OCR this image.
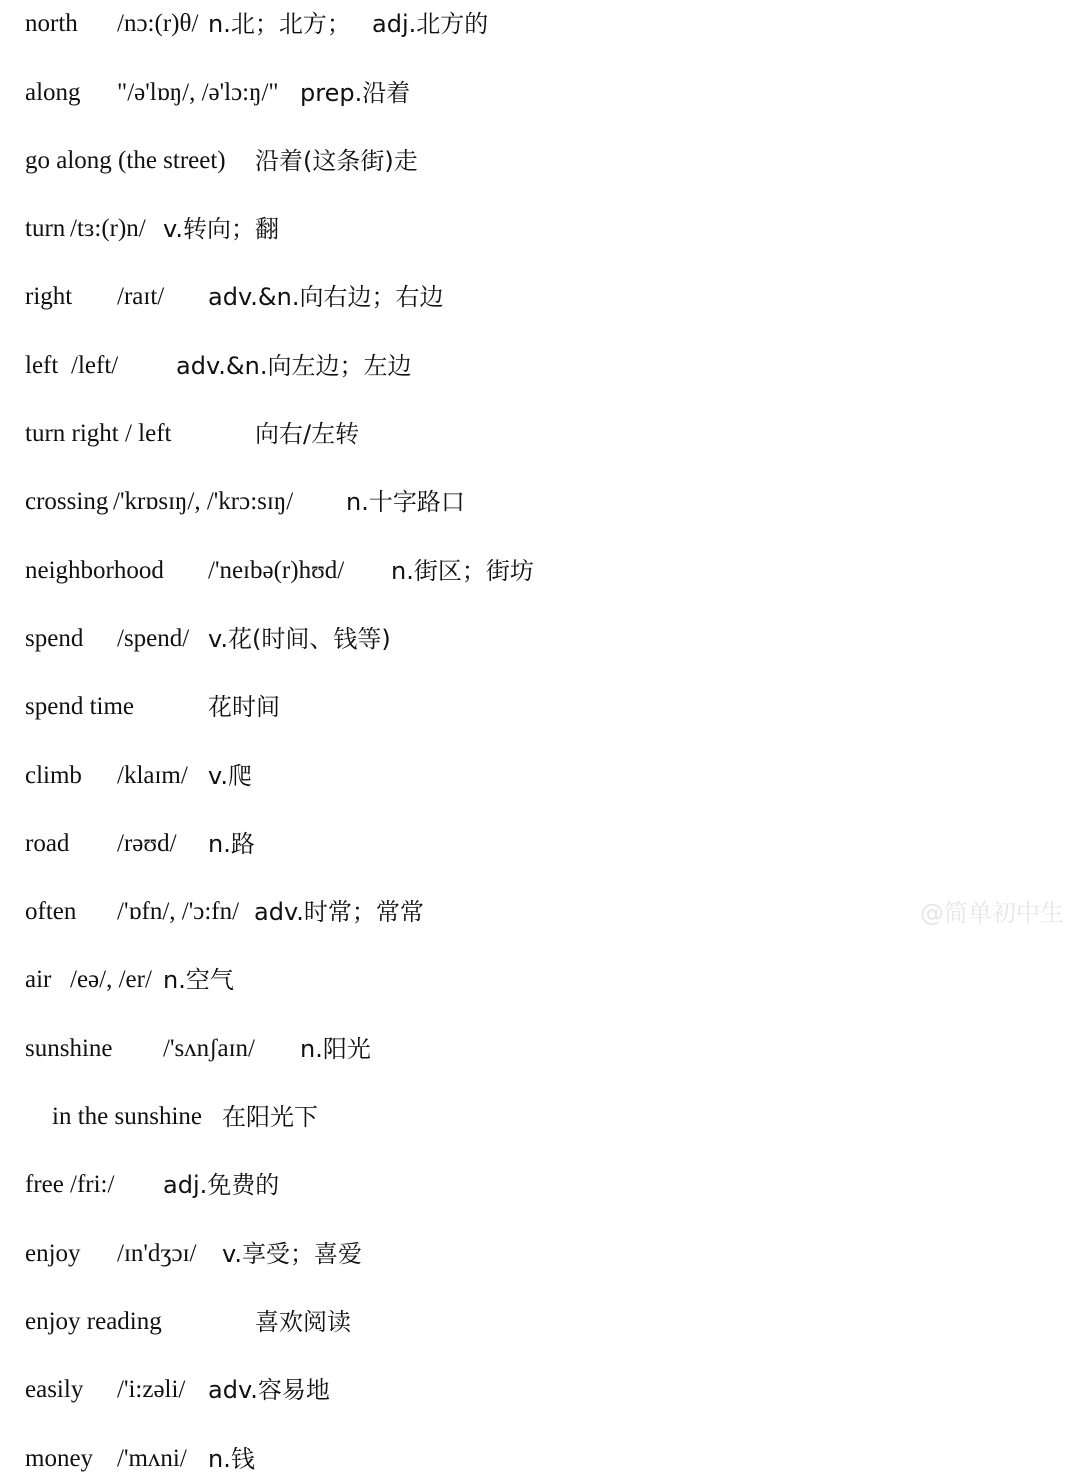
north /nɔ:(r)θ/ n.北；北方； adj.北方的
along "/ə'lɒŋ/, /ə'lɔ:ŋ/" prep.沿着
go along (the street) 沿着(这条街)走
turn /tɜ:(r)n/ v.转向；翻
right /raɪt/ adv.&n.向右边；右边
left /left/ adv.&n.向左边；左边
turn right / left	向右/左转
crossing /'krɒsɪŋ/, /'krɔ:sɪŋ/ n.十字路口
neighborhood /'neɪbə(r)hʊd/ n.街区；街坊
spend /spend/ v.花(时间、钱等)
spend time	花时间
climb /klaɪm/ v.爬
road /rəʊd/ n.路
often /'ɒfn/, /'ɔ:fn/ adv.时常；常常
air /eə/, /er/ n.空气
sunshine /'sʌnʃaɪn/ n.阳光
in the sunshine 在阳光下
free /fri:/ adj.免费的
enjoy /ɪn'dʒɔɪ/ v.享受；喜爱
enjoy reading	喜欢阅读
easily /'i:zəli/ adv.容易地
money /'mʌni/ n.钱
@简单初中生
